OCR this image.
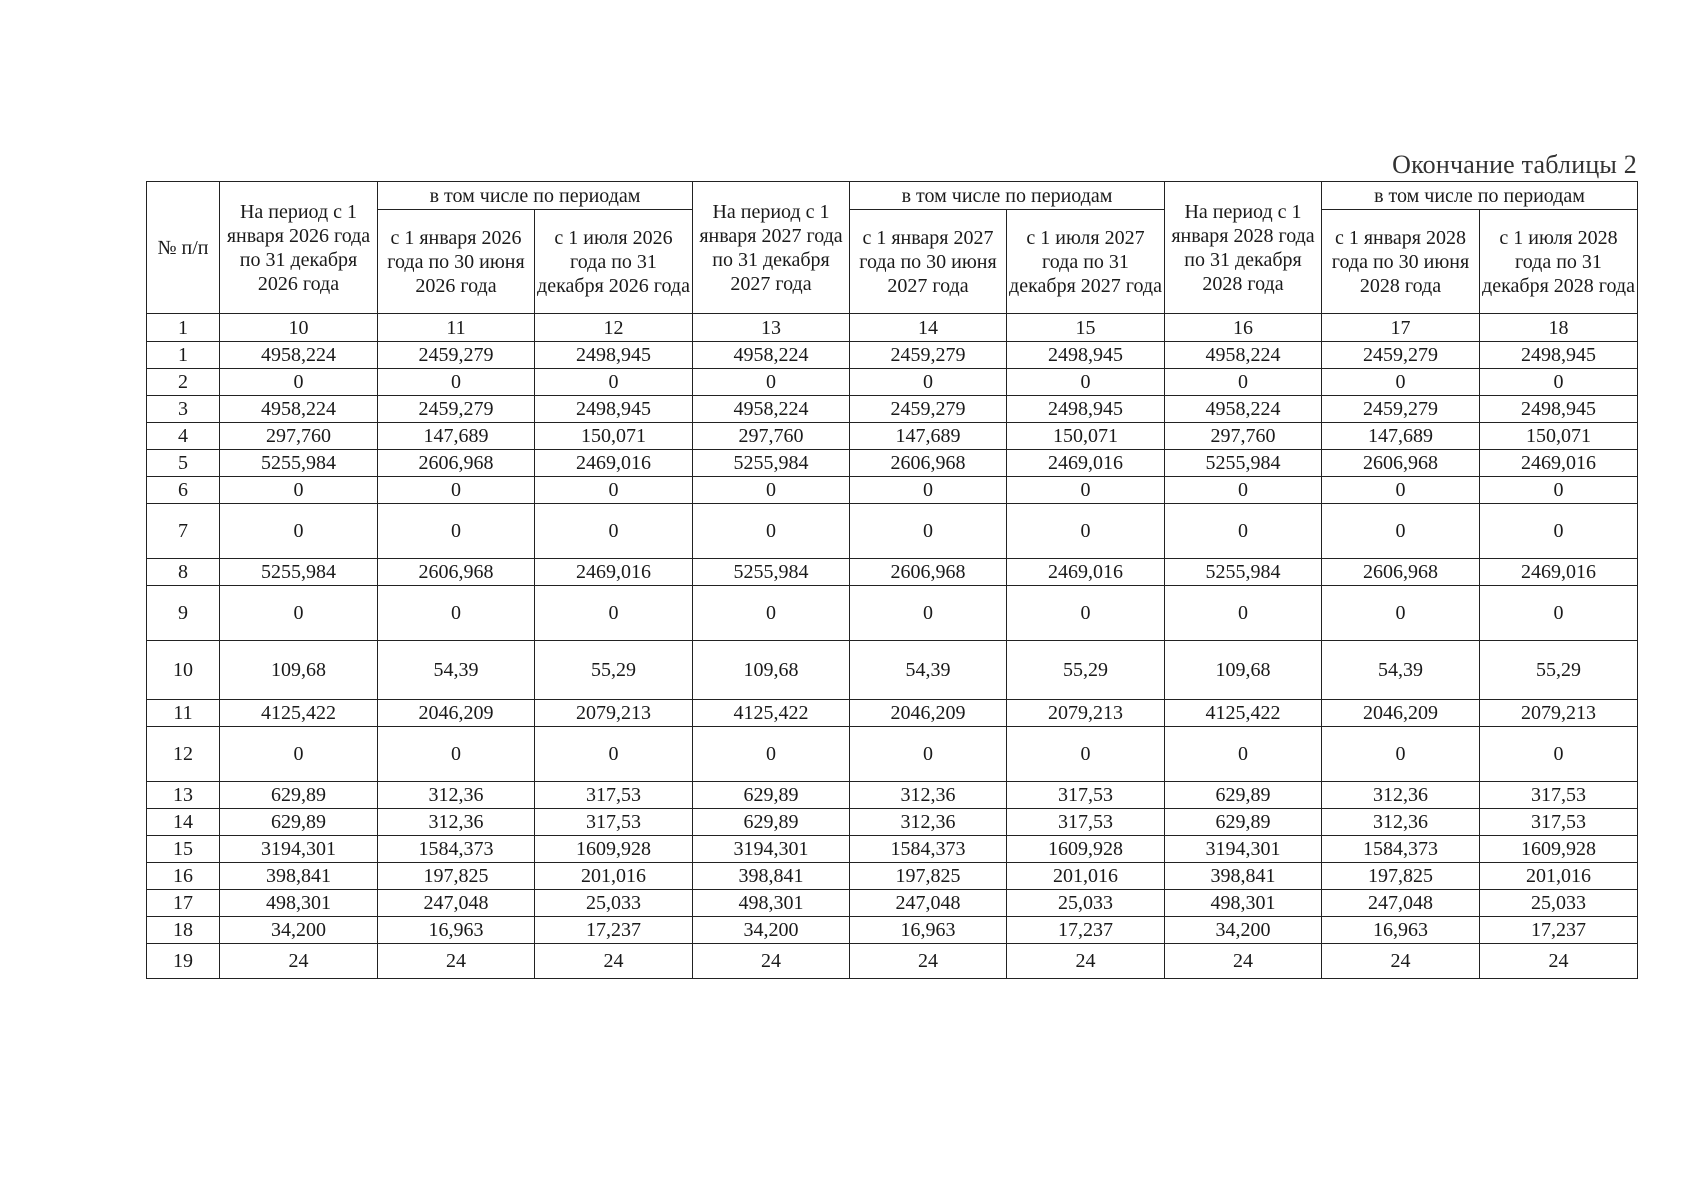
Окончание таблицы 2
№ п/п	На период с 1 января 2026 года по 31 декабря 2026 года	в том числе по периодам		На период с 1 января 2027 года по 31 декабря 2027 года	в том числе по периодам		На период с 1 января 2028 года по 31 декабря 2028 года	в том числе по периодам	
		с 1 января 2026 года по 30 июня 2026 года	с 1 июля 2026 года по 31 декабря 2026 года		с 1 января 2027 года по 30 июня 2027 года	с 1 июля 2027 года по 31 декабря 2027 года		с 1 января 2028 года по 30 июня 2028 года	с 1 июля 2028 года по 31 декабря 2028 года
1	10	11	12	13	14	15	16	17	18
1	4958,224	2459,279	2498,945	4958,224	2459,279	2498,945	4958,224	2459,279	2498,945
2	0	0	0	0	0	0	0	0	0
3	4958,224	2459,279	2498,945	4958,224	2459,279	2498,945	4958,224	2459,279	2498,945
4	297,760	147,689	150,071	297,760	147,689	150,071	297,760	147,689	150,071
5	5255,984	2606,968	2469,016	5255,984	2606,968	2469,016	5255,984	2606,968	2469,016
6	0	0	0	0	0	0	0	0	0
7	0	0	0	0	0	0	0	0	0
8	5255,984	2606,968	2469,016	5255,984	2606,968	2469,016	5255,984	2606,968	2469,016
9	0	0	0	0	0	0	0	0	0
10	109,68	54,39	55,29	109,68	54,39	55,29	109,68	54,39	55,29
11	4125,422	2046,209	2079,213	4125,422	2046,209	2079,213	4125,422	2046,209	2079,213
12	0	0	0	0	0	0	0	0	0
13	629,89	312,36	317,53	629,89	312,36	317,53	629,89	312,36	317,53
14	629,89	312,36	317,53	629,89	312,36	317,53	629,89	312,36	317,53
15	3194,301	1584,373	1609,928	3194,301	1584,373	1609,928	3194,301	1584,373	1609,928
16	398,841	197,825	201,016	398,841	197,825	201,016	398,841	197,825	201,016
17	498,301	247,048	25,033	498,301	247,048	25,033	498,301	247,048	25,033
18	34,200	16,963	17,237	34,200	16,963	17,237	34,200	16,963	17,237
19	24	24	24	24	24	24	24	24	24
